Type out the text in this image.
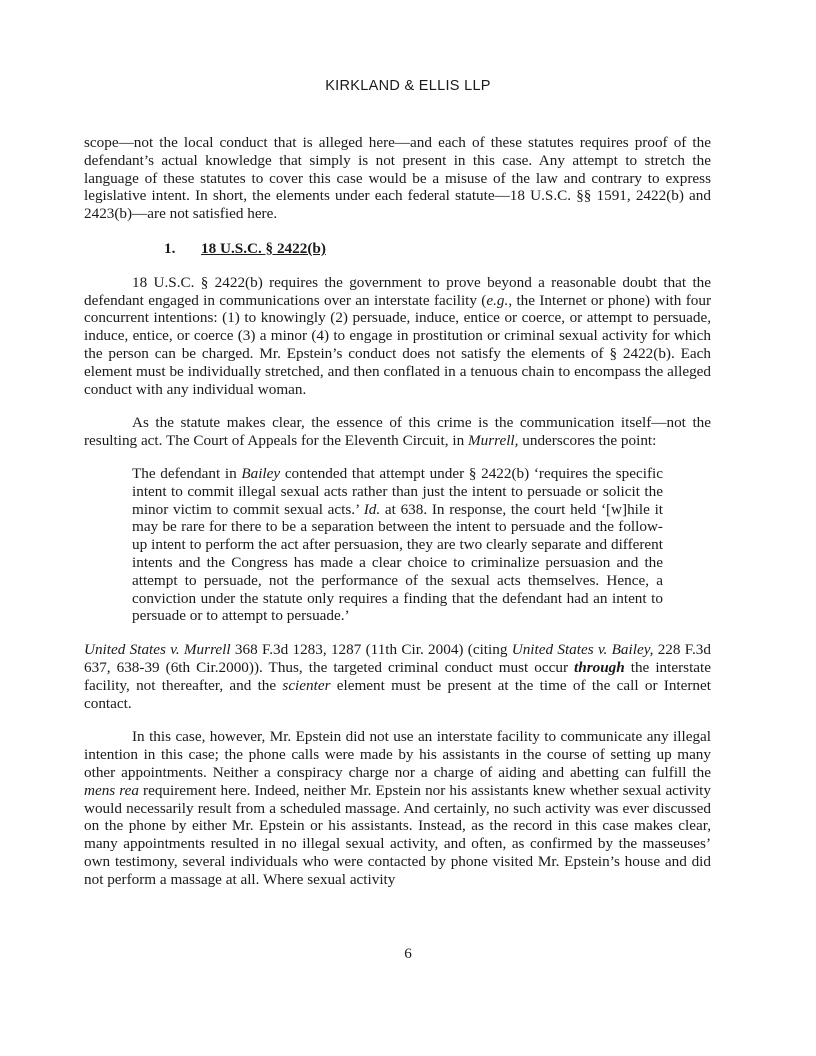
KIRKLAND & ELLIS LLP

scope—not the local conduct that is alleged here—and each of these statutes requires proof of the defendant’s actual knowledge that simply is not present in this case. Any attempt to stretch the language of these statutes to cover this case would be a misuse of the law and contrary to express legislative intent. In short, the elements under each federal statute—18 U.S.C. §§ 1591, 2422(b) and 2423(b)—are not satisfied here.

1. 18 U.S.C. § 2422(b)

18 U.S.C. § 2422(b) requires the government to prove beyond a reasonable doubt that the defendant engaged in communications over an interstate facility (e.g., the Internet or phone) with four concurrent intentions: (1) to knowingly (2) persuade, induce, entice or coerce, or attempt to persuade, induce, entice, or coerce (3) a minor (4) to engage in prostitution or criminal sexual activity for which the person can be charged. Mr. Epstein’s conduct does not satisfy the elements of § 2422(b). Each element must be individually stretched, and then conflated in a tenuous chain to encompass the alleged conduct with any individual woman.

As the statute makes clear, the essence of this crime is the communication itself—not the resulting act. The Court of Appeals for the Eleventh Circuit, in Murrell, underscores the point:

The defendant in Bailey contended that attempt under § 2422(b) ‘requires the specific intent to commit illegal sexual acts rather than just the intent to persuade or solicit the minor victim to commit sexual acts.’ Id. at 638. In response, the court held ‘[w]hile it may be rare for there to be a separation between the intent to persuade and the follow-up intent to perform the act after persuasion, they are two clearly separate and different intents and the Congress has made a clear choice to criminalize persuasion and the attempt to persuade, not the performance of the sexual acts themselves. Hence, a conviction under the statute only requires a finding that the defendant had an intent to persuade or to attempt to persuade.’

United States v. Murrell 368 F.3d 1283, 1287 (11th Cir. 2004) (citing United States v. Bailey, 228 F.3d 637, 638-39 (6th Cir.2000)). Thus, the targeted criminal conduct must occur through the interstate facility, not thereafter, and the scienter element must be present at the time of the call or Internet contact.

In this case, however, Mr. Epstein did not use an interstate facility to communicate any illegal intention in this case; the phone calls were made by his assistants in the course of setting up many other appointments. Neither a conspiracy charge nor a charge of aiding and abetting can fulfill the mens rea requirement here. Indeed, neither Mr. Epstein nor his assistants knew whether sexual activity would necessarily result from a scheduled massage. And certainly, no such activity was ever discussed on the phone by either Mr. Epstein or his assistants. Instead, as the record in this case makes clear, many appointments resulted in no illegal sexual activity, and often, as confirmed by the masseuses’ own testimony, several individuals who were contacted by phone visited Mr. Epstein’s house and did not perform a massage at all. Where sexual activity

6
